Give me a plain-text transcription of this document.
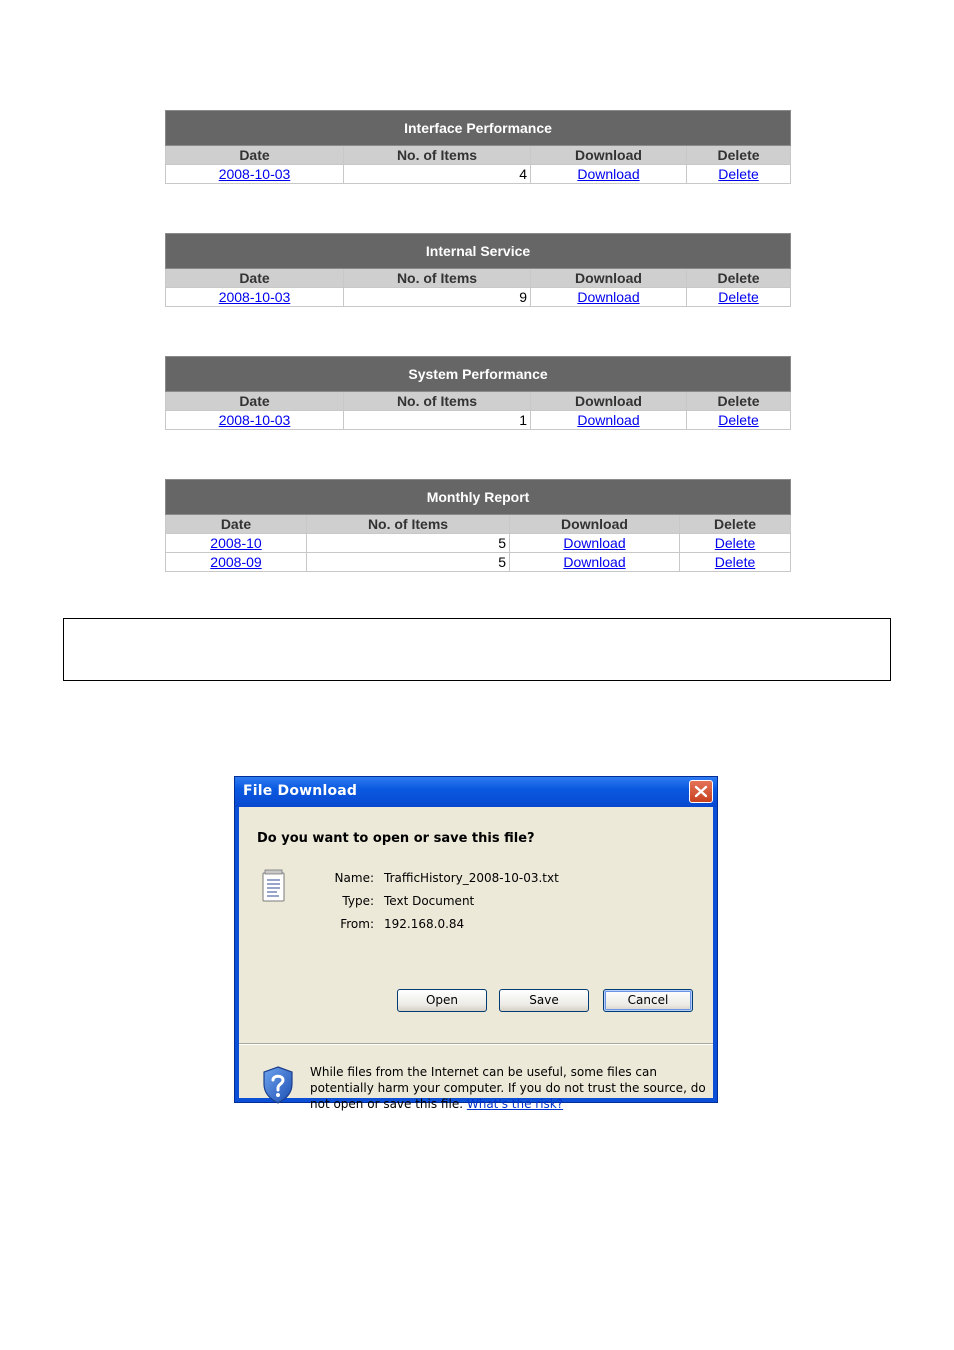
Interface Performance			
Date	No. of Items	Download	Delete
2008-10-03	4	Download	Delete
Internal Service			
Date	No. of Items	Download	Delete
2008-10-03	9	Download	Delete
System Performance			
Date	No. of Items	Download	Delete
2008-10-03	1	Download	Delete
Monthly Report			
Date	No. of Items	Download	Delete
2008-10	5	Download	Delete
2008-09	5	Download	Delete
File Download
Do you want to open or save this file?
Name: TrafficHistory_2008-10-03.txt
Type: Text Document
From: 192.168.0.84
Open	Save	Cancel
While files from the Internet can be useful, some files can potentially harm your computer. If you do not trust the source, do not open or save this file. What's the risk?
